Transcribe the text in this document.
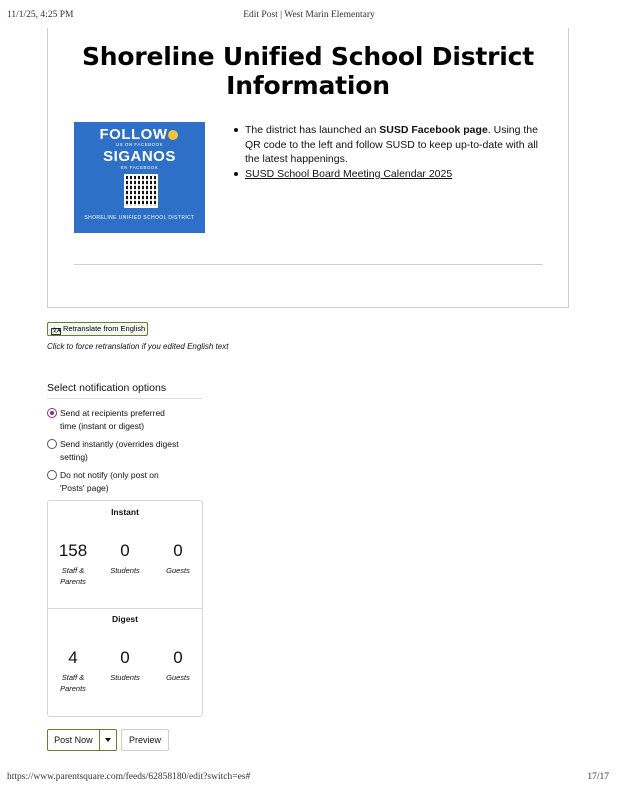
11/1/25, 4:25 PM	Edit Post | West Marin Elementary
Shoreline Unified School District
Information
FOLLOW
US ON FACEBOOK
SIGANOS
EN FACEBOOK
SHORELINE UNIFIED SCHOOL DISTRICT
The district has launched an SUSD Facebook page. Using the QR code to the left and follow SUSD to keep up-to-date with all the latest happenings.
SUSD School Board Meeting Calendar 2025
文A Retranslate from English
Click to force retranslation if you edited English text
Select notification options
Send at recipients preferred
time (instant or digest)
Send instantly (overrides digest
setting)
Do not notify (only post on
'Posts' page)
Instant
158
Staff &
Parents
0
Students
0
Guests
Digest
4
Staff &
Parents
0
Students
0
Guests
Post Now	Preview
https://www.parentsquare.com/feeds/62858180/edit?switch=es#	17/17
